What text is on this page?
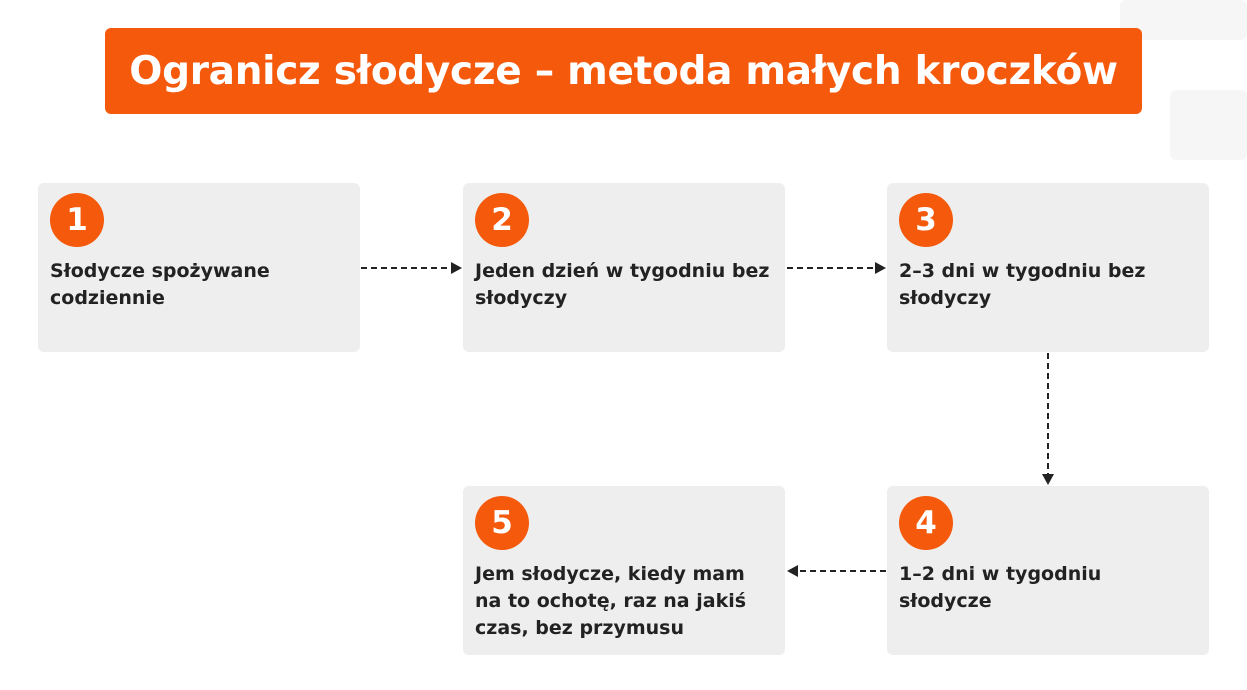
Ogranicz słodycze – metoda małych kroczków
1
Słodycze spożywane codziennie
2
Jeden dzień w tygodniu bez słodyczy
3
2–3 dni w tygodniu bez słodyczy
4
1–2 dni w tygodniu słodycze
5
Jem słodycze, kiedy mam na to ochotę, raz na jakiś czas, bez przymusu
